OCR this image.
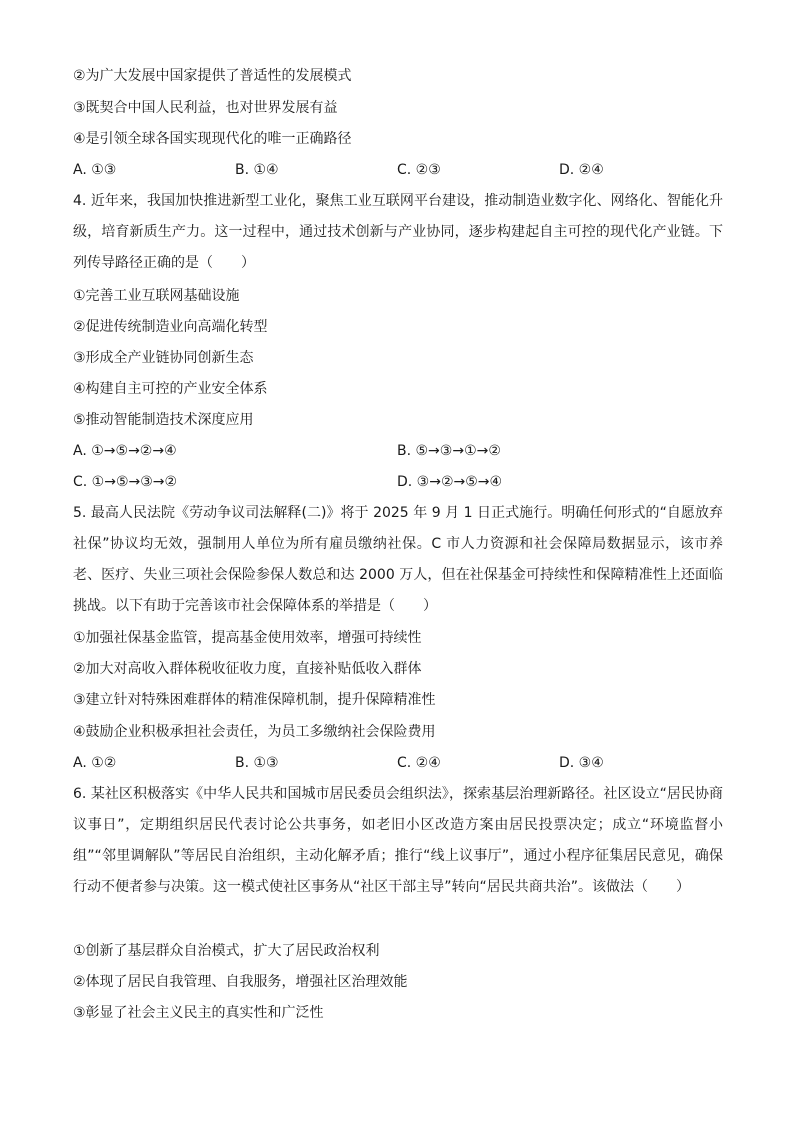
②为广大发展中国家提供了普适性的发展模式
③既契合中国人民利益，也对世界发展有益
④是引领全球各国实现现代化的唯一正确路径
A. ①③	B. ①④	C. ②③	D. ②④
4. 近年来，我国加快推进新型工业化，聚焦工业互联网平台建设，推动制造业数字化、网络化、智能化升级，培育新质生产力。这一过程中，通过技术创新与产业协同，逐步构建起自主可控的现代化产业链。下列传导路径正确的是（　　）
①完善工业互联网基础设施
②促进传统制造业向高端化转型
③形成全产业链协同创新生态
④构建自主可控的产业安全体系
⑤推动智能制造技术深度应用
A. ①→⑤→②→④	B. ⑤→③→①→②
C. ①→⑤→③→②	D. ③→②→⑤→④
5. 最高人民法院《劳动争议司法解释(二)》将于 2025 年 9 月 1 日正式施行。明确任何形式的“自愿放弃社保”协议均无效，强制用人单位为所有雇员缴纳社保。C 市人力资源和社会保障局数据显示，该市养老、医疗、失业三项社会保险参保人数总和达 2000 万人，但在社保基金可持续性和保障精准性上还面临挑战。以下有助于完善该市社会保障体系的举措是（　　）
①加强社保基金监管，提高基金使用效率，增强可持续性
②加大对高收入群体税收征收力度，直接补贴低收入群体
③建立针对特殊困难群体的精准保障机制，提升保障精准性
④鼓励企业积极承担社会责任，为员工多缴纳社会保险费用
A. ①②	B. ①③	C. ②④	D. ③④
6. 某社区积极落实《中华人民共和国城市居民委员会组织法》，探索基层治理新路径。社区设立“居民协商议事日”，定期组织居民代表讨论公共事务，如老旧小区改造方案由居民投票决定；成立“环境监督小组”“邻里调解队”等居民自治组织，主动化解矛盾；推行“线上议事厅”，通过小程序征集居民意见，确保行动不便者参与决策。这一模式使社区事务从“社区干部主导”转向“居民共商共治”。该做法（　　）
①创新了基层群众自治模式，扩大了居民政治权利
②体现了居民自我管理、自我服务，增强社区治理效能
③彰显了社会主义民主的真实性和广泛性
